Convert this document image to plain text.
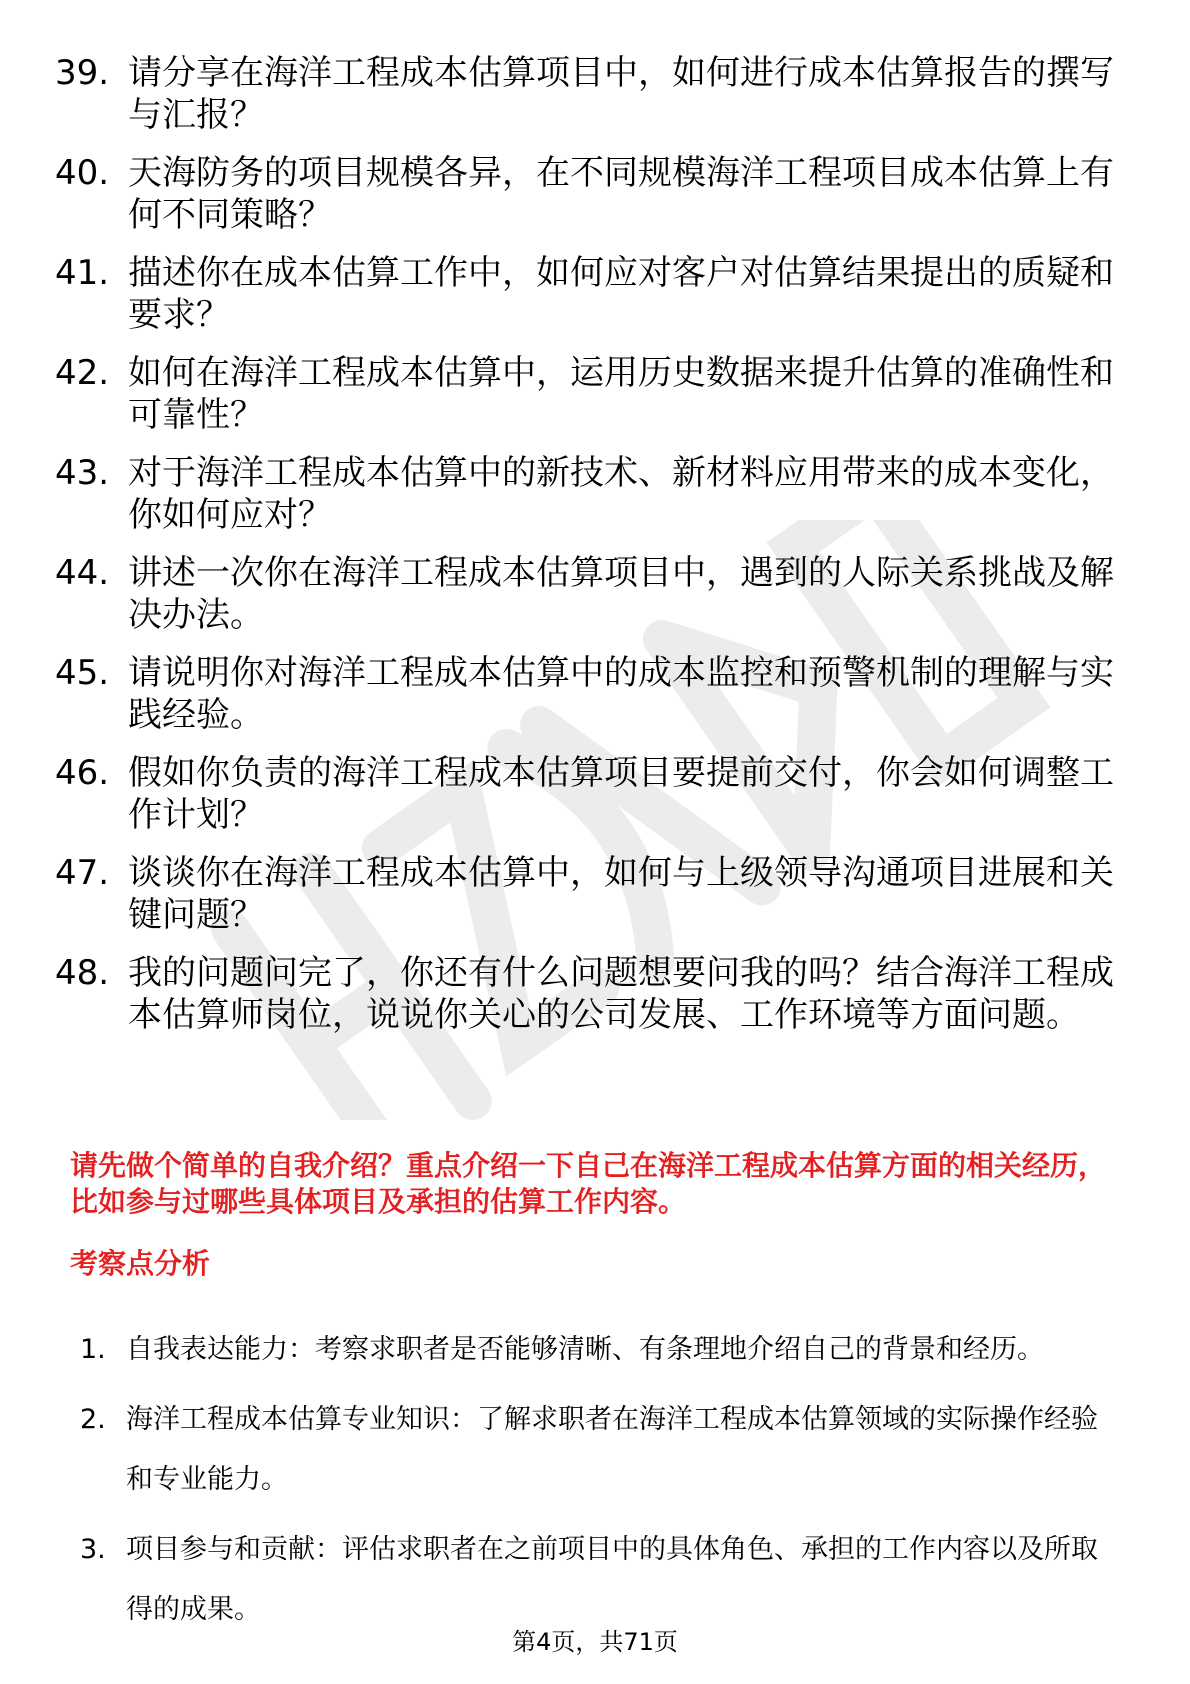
39. 请分享在海洋工程成本估算项目中，如何进行成本估算报告的撰写与汇报？
40. 天海防务的项目规模各异，在不同规模海洋工程项目成本估算上有何不同策略？
41. 描述你在成本估算工作中，如何应对客户对估算结果提出的质疑和要求？
42. 如何在海洋工程成本估算中，运用历史数据来提升估算的准确性和可靠性？
43. 对于海洋工程成本估算中的新技术、新材料应用带来的成本变化，你如何应对？
44. 讲述一次你在海洋工程成本估算项目中，遇到的人际关系挑战及解决办法。
45. 请说明你对海洋工程成本估算中的成本监控和预警机制的理解与实践经验。
46. 假如你负责的海洋工程成本估算项目要提前交付，你会如何调整工作计划？
47. 谈谈你在海洋工程成本估算中，如何与上级领导沟通项目进展和关键问题？
48. 我的问题问完了，你还有什么问题想要问我的吗？结合海洋工程成本估算师岗位，说说你关心的公司发展、工作环境等方面问题。

请先做个简单的自我介绍？重点介绍一下自己在海洋工程成本估算方面的相关经历，比如参与过哪些具体项目及承担的估算工作内容。

考察点分析

1. 自我表达能力：考察求职者是否能够清晰、有条理地介绍自己的背景和经历。
2. 海洋工程成本估算专业知识：了解求职者在海洋工程成本估算领域的实际操作经验和专业能力。
3. 项目参与和贡献：评估求职者在之前项目中的具体角色、承担的工作内容以及所取得的成果。
第4页，共71页
